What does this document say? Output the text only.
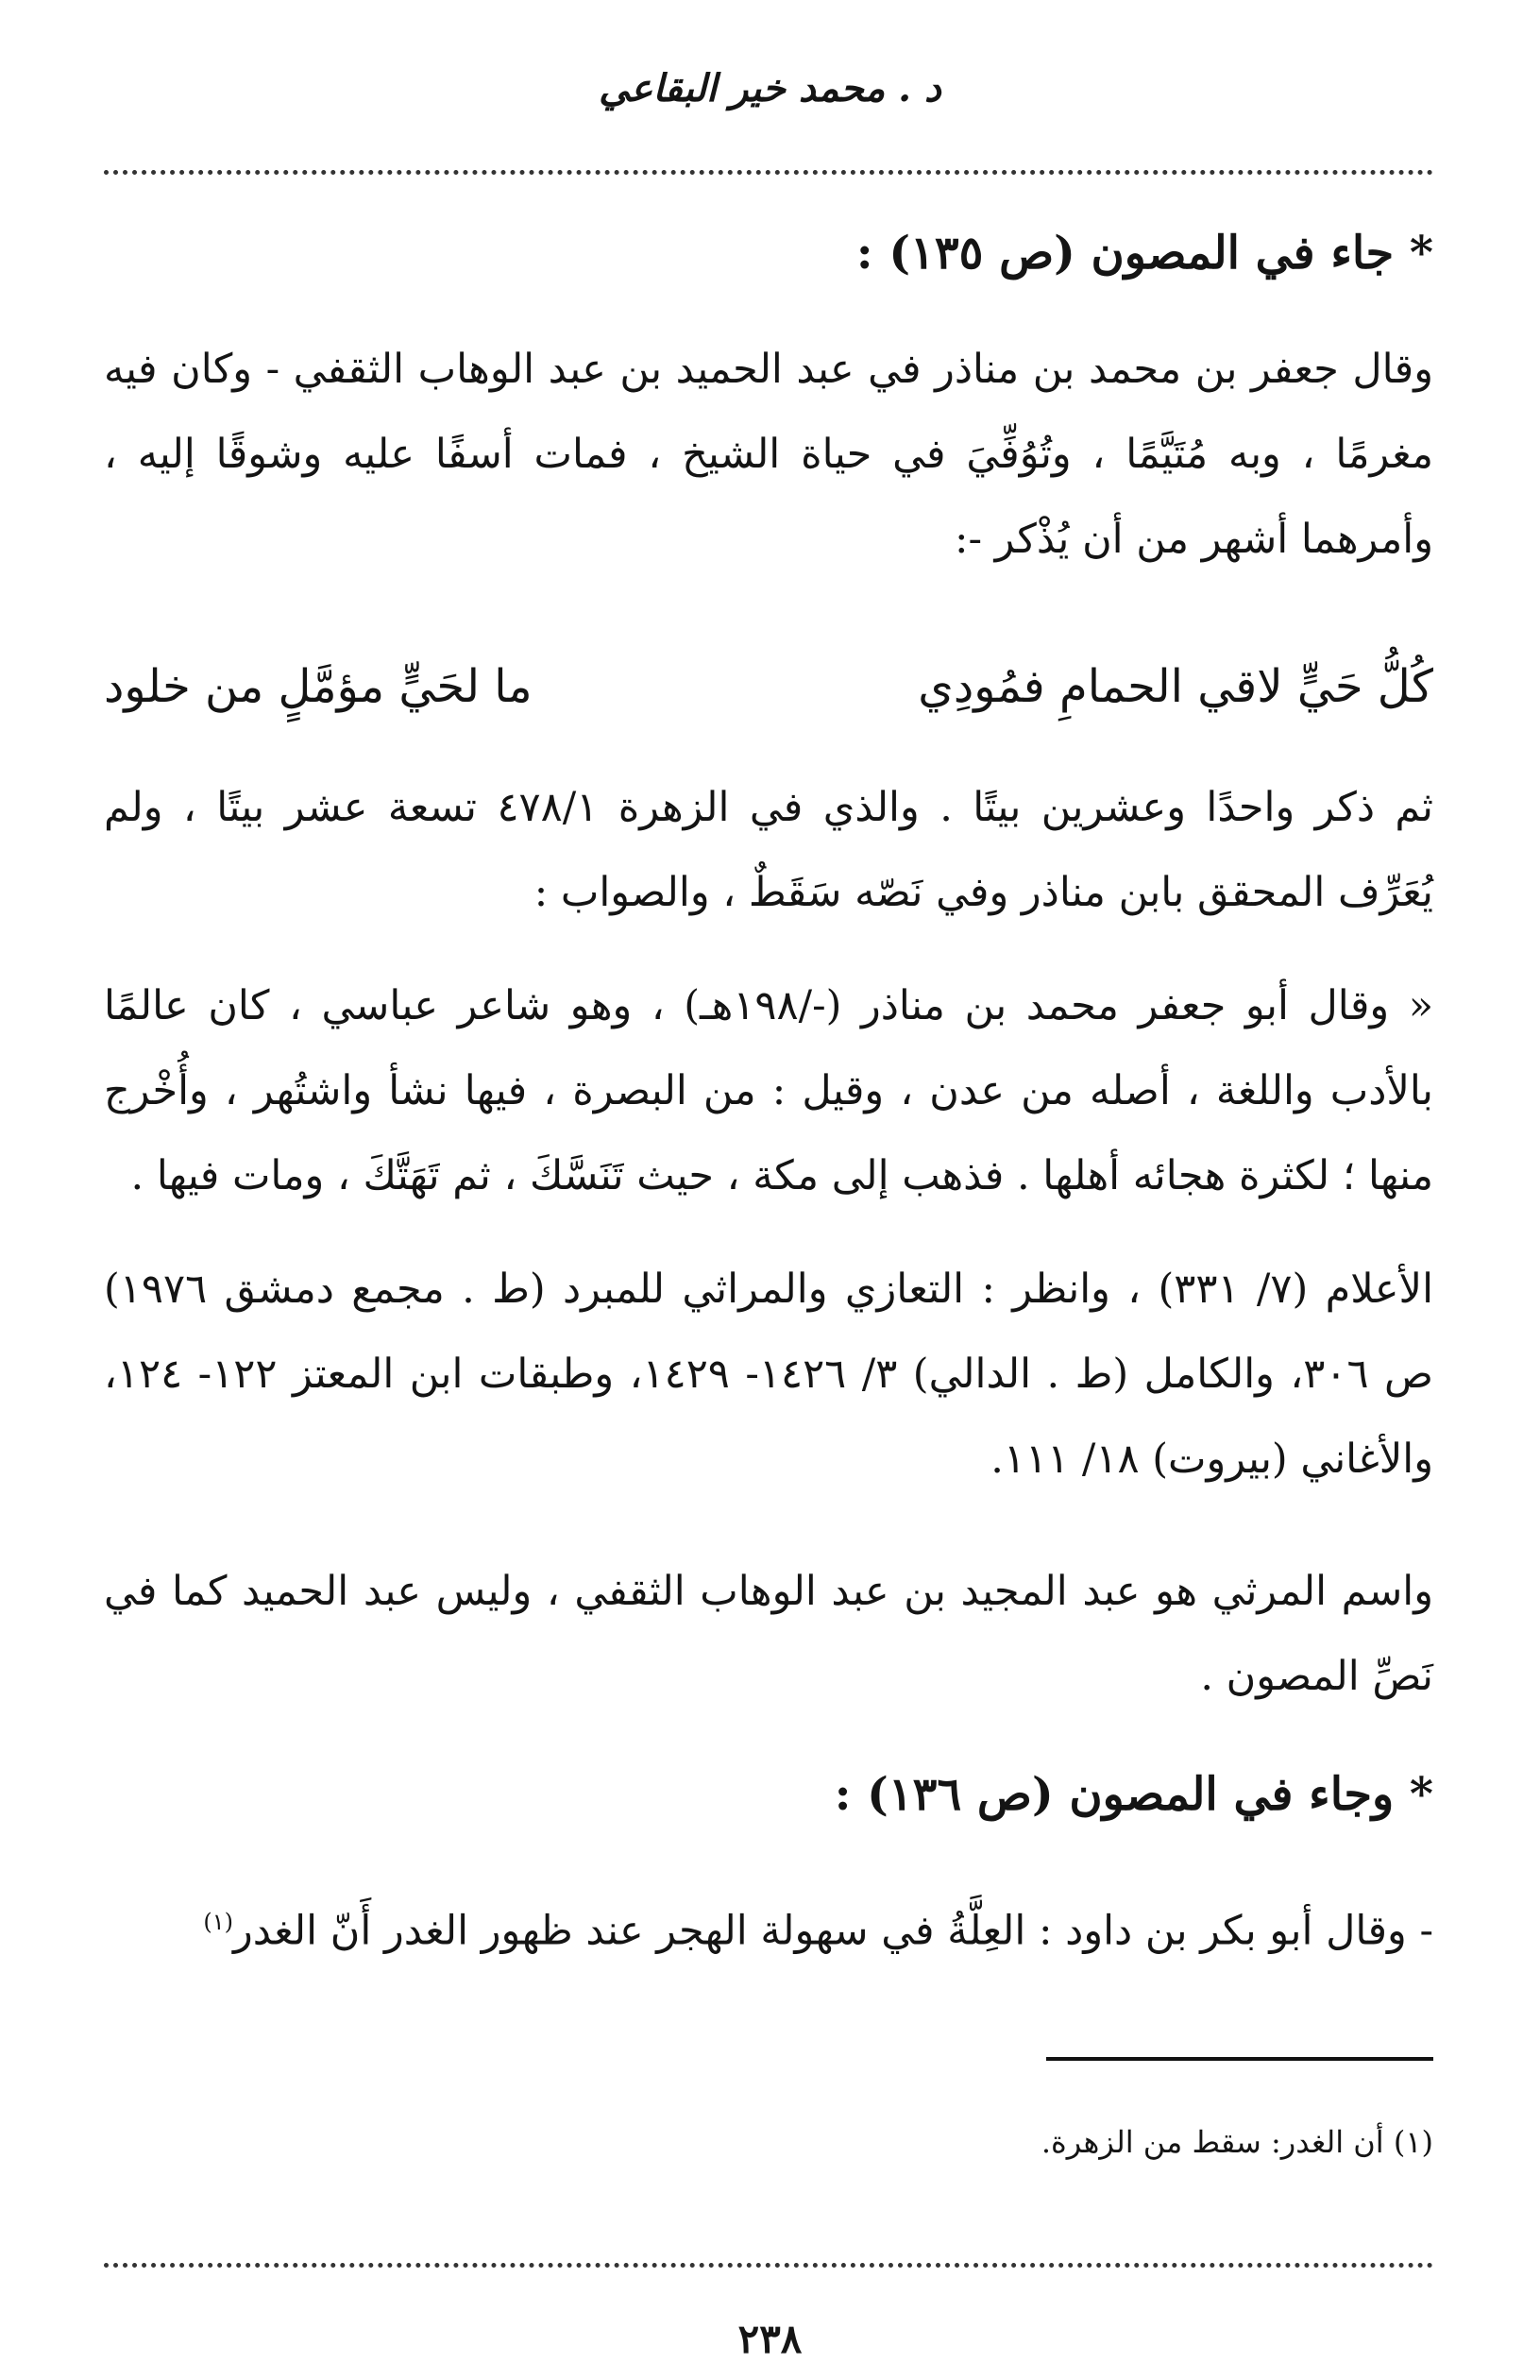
د . محمد خير البقاعي
* جاء في المصون (ص ١٣٥) :
وقال جعفر بن محمد بن مناذر في عبد الحميد بن عبد الوهاب الثقفي - وكان فيه مغرمًا ، وبه مُتَيَّمًا ، وتُوُفِّيَ في حياة الشيخ ، فمات أسفًا عليه وشوقًا إليه ، وأمرهما أشهر من أن يُذْكر -:
كُلُّ حَيٍّ لاقي الحمامِ فمُودِي
ما لحَيٍّ مؤمَّلٍ من خلود
ثم ذكر واحدًا وعشرين بيتًا . والذي في الزهرة ٤٧٨/١ تسعة عشر بيتًا ، ولم يُعَرِّف المحقق بابن مناذر وفي نَصّه سَقَطٌ ، والصواب :
« وقال أبو جعفر محمد بن مناذر (-/١٩٨هـ) ، وهو شاعر عباسي ، كان عالمًا بالأدب واللغة ، أصله من عدن ، وقيل : من البصرة ، فيها نشأ واشتُهر ، وأُخْرج منها ؛ لكثرة هجائه أهلها . فذهب إلى مكة ، حيث تَنَسَّكَ ، ثم تَهَتَّكَ ، ومات فيها .
الأعلام (٧/ ٣٣١) ، وانظر : التعازي والمراثي للمبرد (ط . مجمع دمشق ١٩٧٦) ص ٣٠٦، والكامل (ط . الدالي) ٣/ ١٤٢٦- ١٤٢٩، وطبقات ابن المعتز ١٢٢- ١٢٤، والأغاني (بيروت) ١٨/ ١١١.
واسم المرثي هو عبد المجيد بن عبد الوهاب الثقفي ، وليس عبد الحميد كما في نَصِّ المصون .
* وجاء في المصون (ص ١٣٦) :
- وقال أبو بكر بن داود : العِلَّةُ في سهولة الهجر عند ظهور الغدر أَنّ الغدر$^{(١)}$
(١) أن الغدر: سقط من الزهرة.
٢٣٨
